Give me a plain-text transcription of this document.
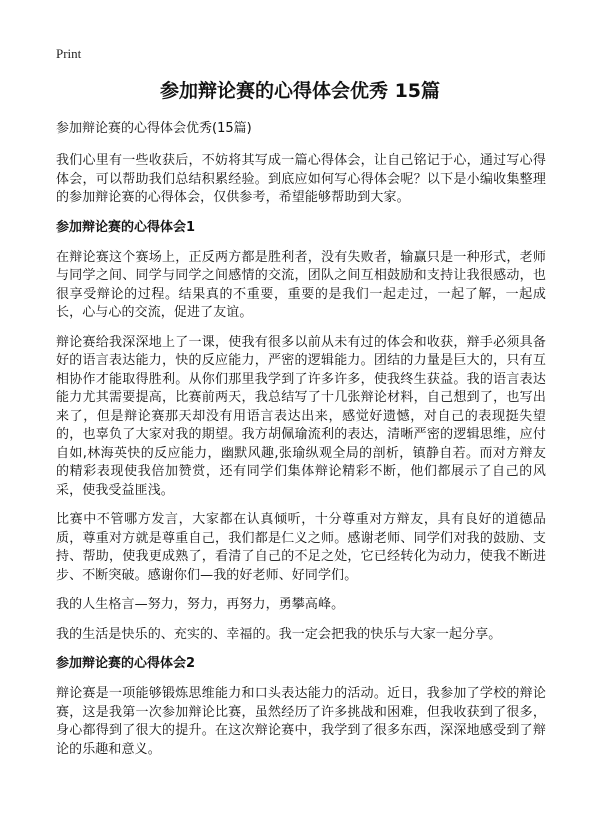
Print
参加辩论赛的心得体会优秀 15篇
参加辩论赛的心得体会优秀(15篇)

我们心里有一些收获后，不妨将其写成一篇心得体会，让自己铭记于心，通过写心得体会，可以帮助我们总结积累经验。到底应如何写心得体会呢？以下是小编收集整理的参加辩论赛的心得体会，仅供参考，希望能够帮助到大家。

参加辩论赛的心得体会1

在辩论赛这个赛场上，正反两方都是胜利者，没有失败者，输赢只是一种形式，老师与同学之间、同学与同学之间感情的交流，团队之间互相鼓励和支持让我很感动，也很享受辩论的过程。结果真的不重要，重要的是我们一起走过，一起了解，一起成长，心与心的交流，促进了友谊。

辩论赛给我深深地上了一课，使我有很多以前从未有过的体会和收获，辩手必须具备好的语言表达能力，快的反应能力，严密的逻辑能力。团结的力量是巨大的，只有互相协作才能取得胜利。从你们那里我学到了许多许多，使我终生获益。我的语言表达能力尤其需要提高，比赛前两天，我总结写了十几张辩论材料，自己想到了，也写出来了，但是辩论赛那天却没有用语言表达出来，感觉好遗憾，对自己的表现挺失望的，也辜负了大家对我的期望。我方胡佩瑜流利的表达，清晰严密的逻辑思维，应付自如,林海英快的反应能力，幽默风趣,张瑜纵观全局的剖析，镇静自若。而对方辩友的精彩表现使我倍加赞赏，还有同学们集体辩论精彩不断，他们都展示了自己的风采，使我受益匪浅。

比赛中不管哪方发言，大家都在认真倾听，十分尊重对方辩友，具有良好的道德品质，尊重对方就是尊重自己，我们都是仁义之师。感谢老师、同学们对我的鼓励、支持、帮助，使我更成熟了，看清了自己的不足之处，它已经转化为动力，使我不断进步、不断突破。感谢你们—我的好老师、好同学们。

我的人生格言—努力，努力，再努力，勇攀高峰。

我的生活是快乐的、充实的、幸福的。我一定会把我的快乐与大家一起分享。

参加辩论赛的心得体会2

辩论赛是一项能够锻炼思维能力和口头表达能力的活动。近日，我参加了学校的辩论赛，这是我第一次参加辩论比赛，虽然经历了许多挑战和困难，但我收获到了很多，身心都得到了很大的提升。在这次辩论赛中，我学到了很多东西，深深地感受到了辩论的乐趣和意义。
